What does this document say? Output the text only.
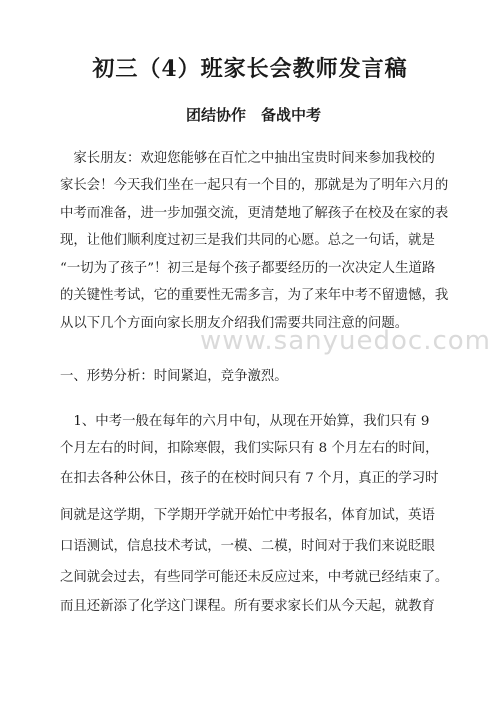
初三（4）班家长会教师发言稿
团结协作　备战中考
　家长朋友：欢迎您能够在百忙之中抽出宝贵时间来参加我校的
家长会！今天我们坐在一起只有一个目的，那就是为了明年六月的
中考而准备，进一步加强交流，更清楚地了解孩子在校及在家的表
现，让他们顺利度过初三是我们共同的心愿。总之一句话，就是
“一切为了孩子”！初三是每个孩子都要经历的一次决定人生道路
的关键性考试，它的重要性无需多言，为了来年中考不留遗憾，我
从以下几个方面向家长朋友介绍我们需要共同注意的问题。
一、形势分析：时间紧迫，竞争激烈。
　1、中考一般在每年的六月中旬，从现在开始算，我们只有 9
个月左右的时间，扣除寒假，我们实际只有 8 个月左右的时间，
在扣去各种公休日，孩子的在校时间只有 7 个月，真正的学习时
间就是这学期，下学期开学就开始忙中考报名，体育加试，英语
口语测试，信息技术考试，一模、二模，时间对于我们来说眨眼
之间就会过去，有些同学可能还未反应过来，中考就已经结束了。
而且还新添了化学这门课程。所有要求家长们从今天起，就教育
www.sanyuedoc.com
